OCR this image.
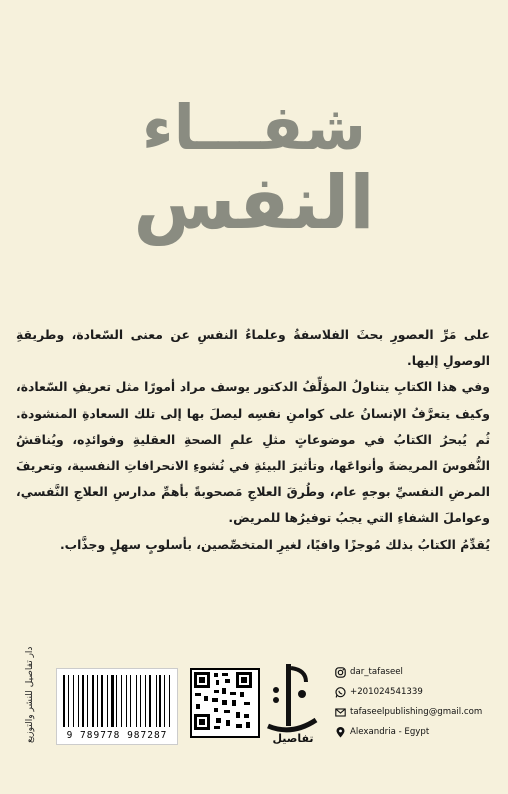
شفـــاء
النفس

على مَرِّ العصورِ بحثَ الفلاسفةُ وعلماءُ النفسِ عن معنى السّعادة، وطريقةِ الوصولِ إليها.

وفي هذا الكتابِ يتناولُ المؤلِّفُ الدكتور يوسف مراد أمورًا مثل تعريفِ السّعادة، وكيف يتعرَّفُ الإنسانُ على كوامنِ نفسِه ليصلَ بها إلى تلك السعادةِ المنشودة. ثُم يُبحرُ الكتابُ في موضوعاتٍ مثلِ علمِ الصحةِ العقليةِ وفوائدِه، ويُناقشُ النُّفوسَ المريضةَ وأنواعَها، وتأثيرَ البيئةِ في نُشوءِ الانحرافاتِ النفسية، وتعريفَ المرضِ النفسيِّ بوجهٍ عام، وطُرقَ العلاجِ مَصحوبةً بأهمِّ مدارسِ العلاجِ النَّفسي، وعواملَ الشفاءِ التي يجبُ توفيرُها للمريض.

يُقدِّمُ الكتابُ بذلك مُوجزًا وافيًا، لغيرِ المتخصِّصين، بأسلوبٍ سهلٍ وجذَّاب.

دار تفاصيل للنشر والتوزيع	9 789778 987287	تفاصيل
dar_tafaseel
+201024541339
tafaseelpublishing@gmail.com
Alexandria - Egypt
